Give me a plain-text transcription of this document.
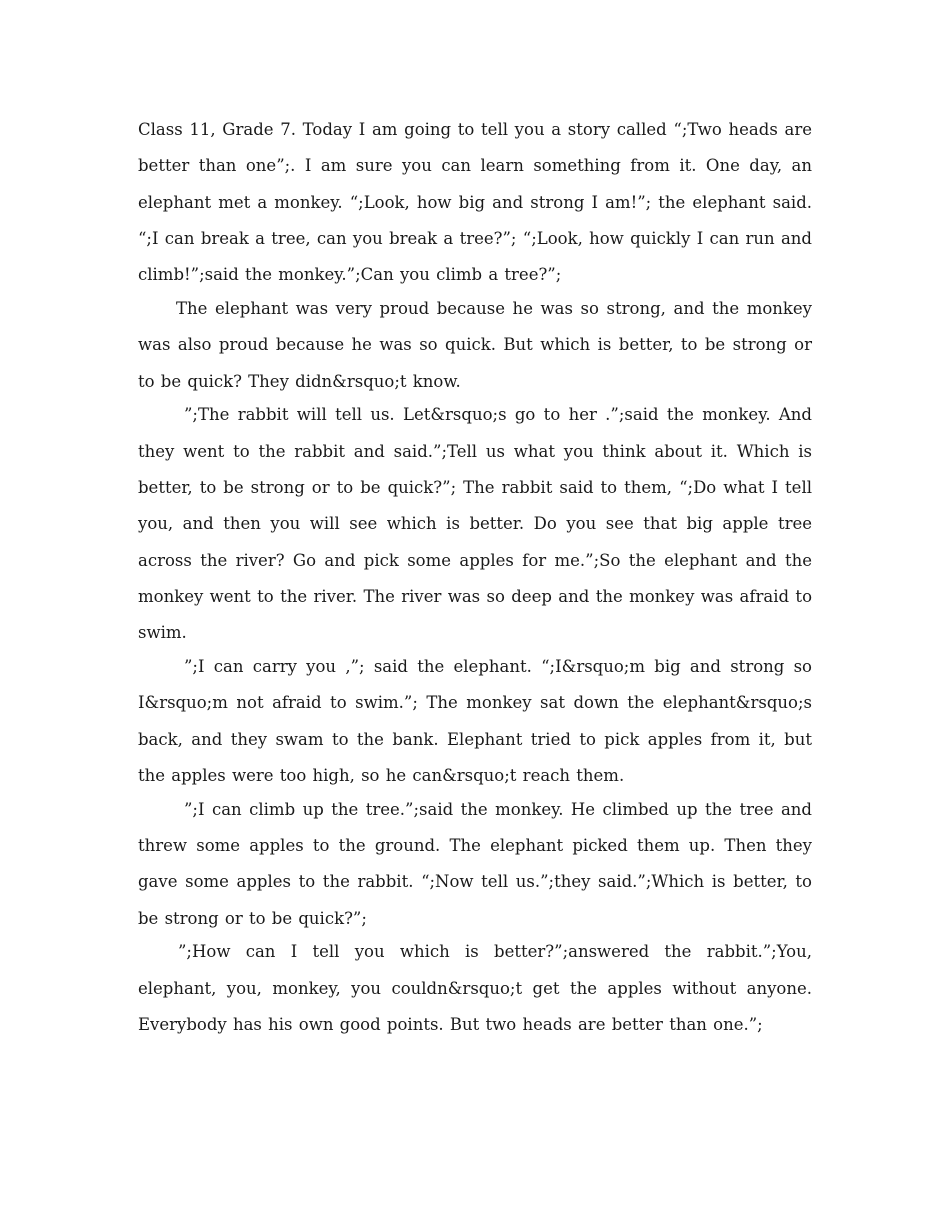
Class 11, Grade 7. Today I am going to tell you a story called “;Two heads are better than one”;. I am sure you can learn something from it. One day, an elephant met a monkey. “;Look, how big and strong I am!”; the elephant said. “;I can break a tree, can you break a tree?”; “;Look, how quickly I can run and climb!”;said the monkey.”;Can you climb a tree?”;

The elephant was very proud because he was so strong, and the monkey was also proud because he was so quick. But which is better, to be strong or to be quick? They didn&rsquo;t know.

”;The rabbit will tell us. Let&rsquo;s go to her .”;said the monkey. And they went to the rabbit and said.”;Tell us what you think about it. Which is better, to be strong or to be quick?”; The rabbit said to them, “;Do what I tell you, and then you will see which is better. Do you see that big apple tree across the river? Go and pick some apples for me.”;So the elephant and the monkey went to the river. The river was so deep and the monkey was afraid to swim.

”;I can carry you ,”; said the elephant. “;I&rsquo;m big and strong so I&rsquo;m not afraid to swim.”; The monkey sat down the elephant&rsquo;s back, and they swam to the bank. Elephant tried to pick apples from it, but the apples were too high, so he can&rsquo;t reach them.

”;I can climb up the tree.”;said the monkey. He climbed up the tree and threw some apples to the ground. The elephant picked them up. Then they gave some apples to the rabbit. “;Now tell us.”;they said.”;Which is better, to be strong or to be quick?”;

”;How can I tell you which is better?”;answered the rabbit.”;You, elephant, you, monkey, you couldn&rsquo;t get the apples without anyone. Everybody has his own good points. But two heads are better than one.”;
